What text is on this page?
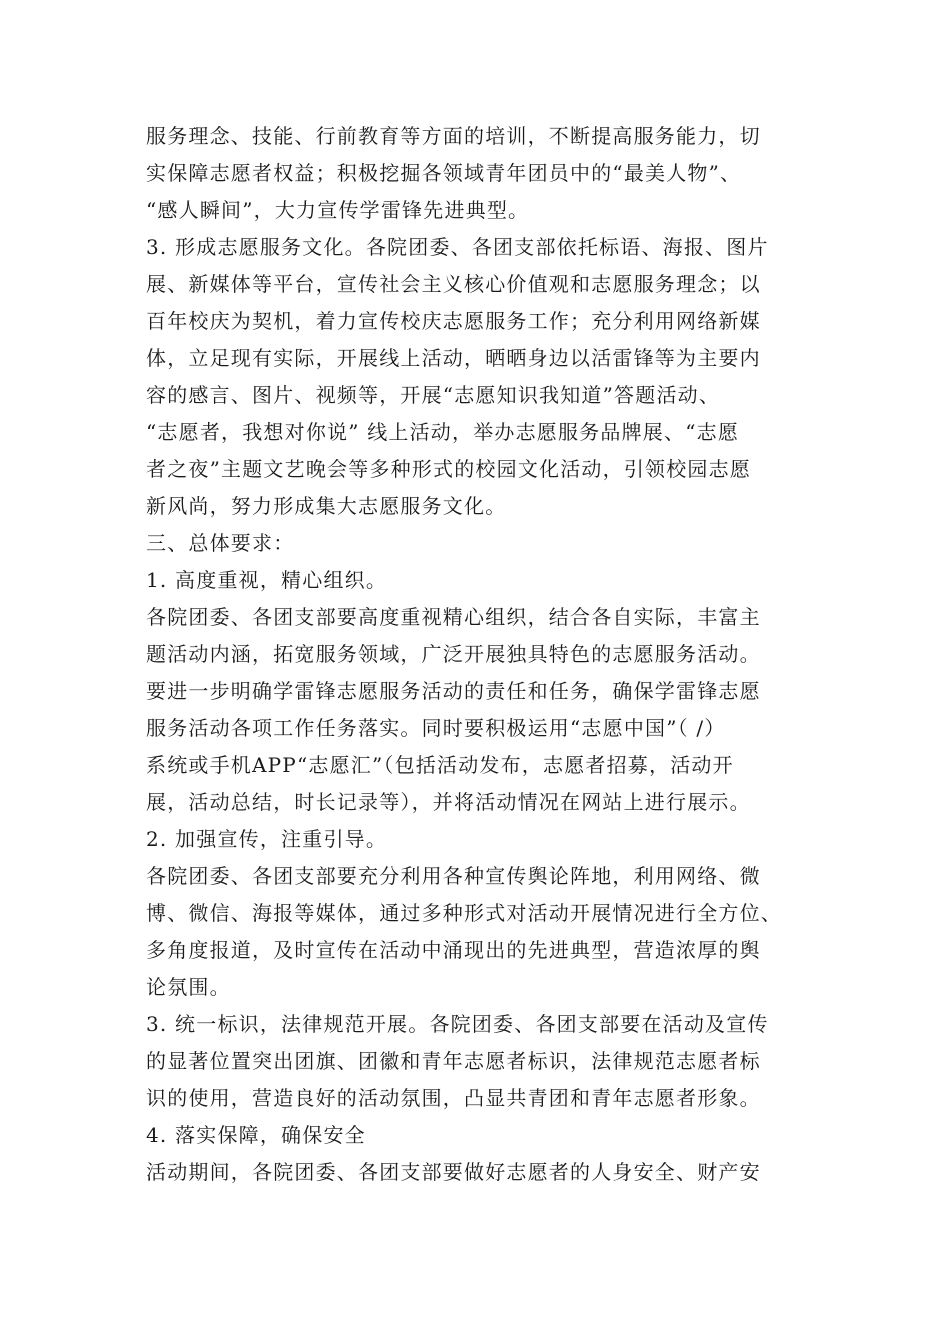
服务理念、技能、行前教育等方面的培训，不断提高服务能力，切
实保障志愿者权益；积极挖掘各领域青年团员中的“最美人物”、
“感人瞬间”，大力宣传学雷锋先进典型。
3. 形成志愿服务文化。各院团委、各团支部依托标语、海报、图片
展、新媒体等平台，宣传社会主义核心价值观和志愿服务理念；以
百年校庆为契机，着力宣传校庆志愿服务工作；充分利用网络新媒
体，立足现有实际，开展线上活动，晒晒身边以活雷锋等为主要内
容的感言、图片、视频等，开展“志愿知识我知道”答题活动、
“志愿者，我想对你说” 线上活动，举办志愿服务品牌展、“志愿
者之夜”主题文艺晚会等多种形式的校园文化活动，引领校园志愿
新风尚，努力形成集大志愿服务文化。
三、总体要求：
1. 高度重视，精心组织。
各院团委、各团支部要高度重视精心组织，结合各自实际，丰富主
题活动内涵，拓宽服务领域，广泛开展独具特色的志愿服务活动。
要进一步明确学雷锋志愿服务活动的责任和任务，确保学雷锋志愿
服务活动各项工作任务落实。同时要积极运用“志愿中国”（ /）
系统或手机APP“志愿汇”（包括活动发布，志愿者招募，活动开
展，活动总结，时长记录等），并将活动情况在网站上进行展示。
2. 加强宣传，注重引导。
各院团委、各团支部要充分利用各种宣传舆论阵地，利用网络、微
博、微信、海报等媒体，通过多种形式对活动开展情况进行全方位、
多角度报道，及时宣传在活动中涌现出的先进典型，营造浓厚的舆
论氛围。
3. 统一标识，法律规范开展。各院团委、各团支部要在活动及宣传
的显著位置突出团旗、团徽和青年志愿者标识，法律规范志愿者标
识的使用，营造良好的活动氛围，凸显共青团和青年志愿者形象。
4. 落实保障，确保安全
活动期间，各院团委、各团支部要做好志愿者的人身安全、财产安
